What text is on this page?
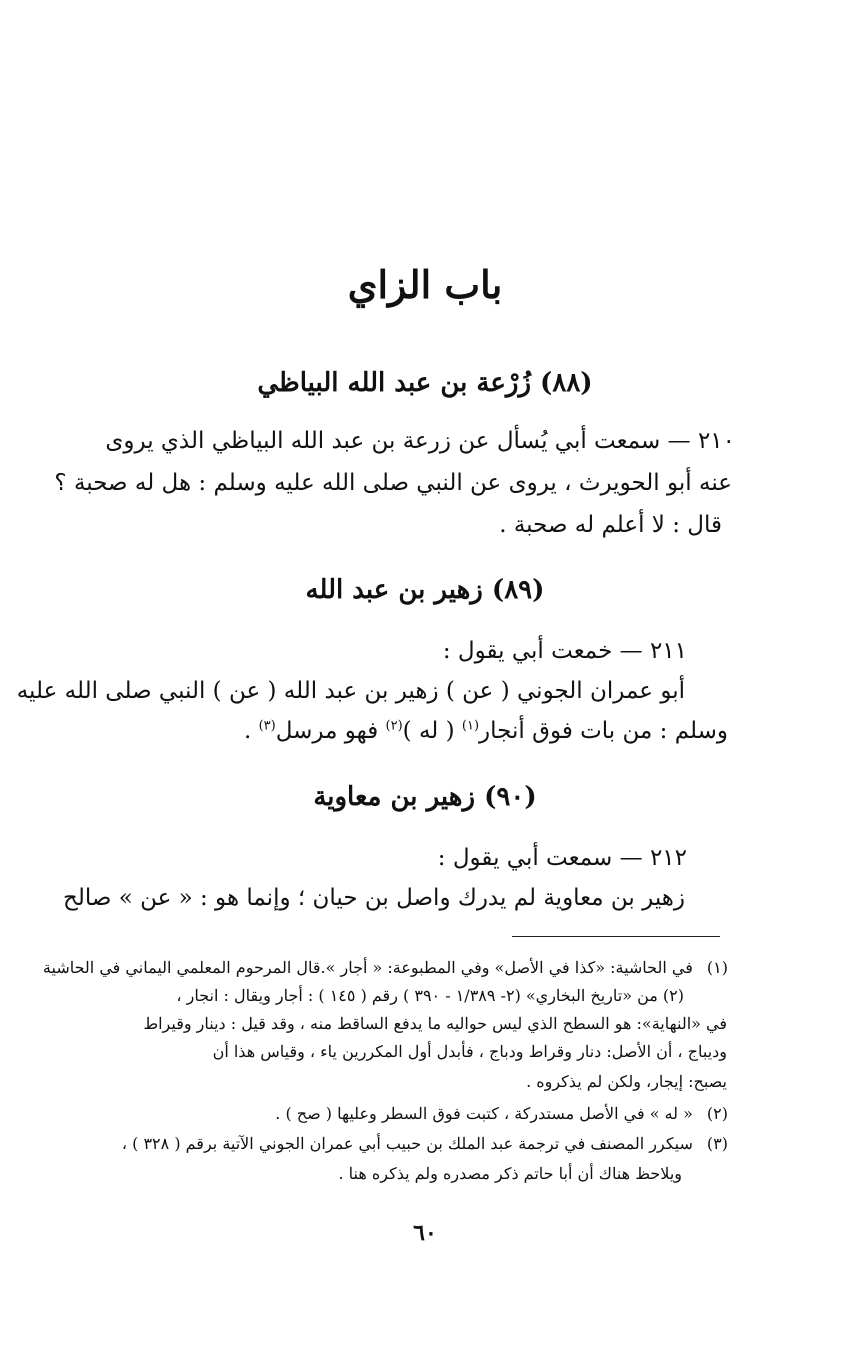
باب الزاي
(٨٨) زُرْعة بن عبد الله البياظي
٢١٠ — سمعت أبي يُسأل عن زرعة بن عبد الله البياظي الذي يروى
عنه أبو الحويرث ، يروى عن النبي صلى الله عليه وسلم : هل له صحبة ؟
قال : لا أعلم له صحبة .
(٨٩) زهير بن عبد الله
٢١١ — خمعت أبي يقول :
أبو عمران الجوني ( عن ) زهير بن عبد الله ( عن ) النبي صلى الله عليه
وسلم : من بات فوق أنجار$^{(١)}$ ( له )$^{(٢)}$ فهو مرسل$^{(٣)}$ .
(٩٠) زهير بن معاوية
٢١٢ — سمعت أبي يقول :
زهير بن معاوية لم يدرك واصل بن حيان ؛ وإنما هو : « عن » صالح
(١)في الحاشية: «كذا في الأصل» وفي المطبوعة: « أجار ».قال المرحوم المعلمي اليماني في الحاشية
(٢) من «تاريخ البخاري» (٢- ١/٣٨٩ - ٣٩٠ ) رقم ( ١٤٥ ) : أجار ويقال : انجار ،
في «النهاية»: هو السطح الذي ليس حواليه ما يدفع الساقط منه ، وقد قيل : دينار وقيراط
وديباج ، أن الأصل: دنار وقراط ودباج ، فأبدل أول المكررين ياء ، وقياس هذا أن
يصبح: إيجار، ولكن لم يذكروه .
(٢)« له » في الأصل مستدركة ، كتبت فوق السطر وعليها ( صح ) .
(٣)سيكرر المصنف في ترجمة عبد الملك بن حبيب أبي عمران الجوني الآتية برقم ( ٣٢٨ ) ،
ويلاحظ هناك أن أبا حاتم ذكر مصدره ولم يذكره هنا .
٦٠
